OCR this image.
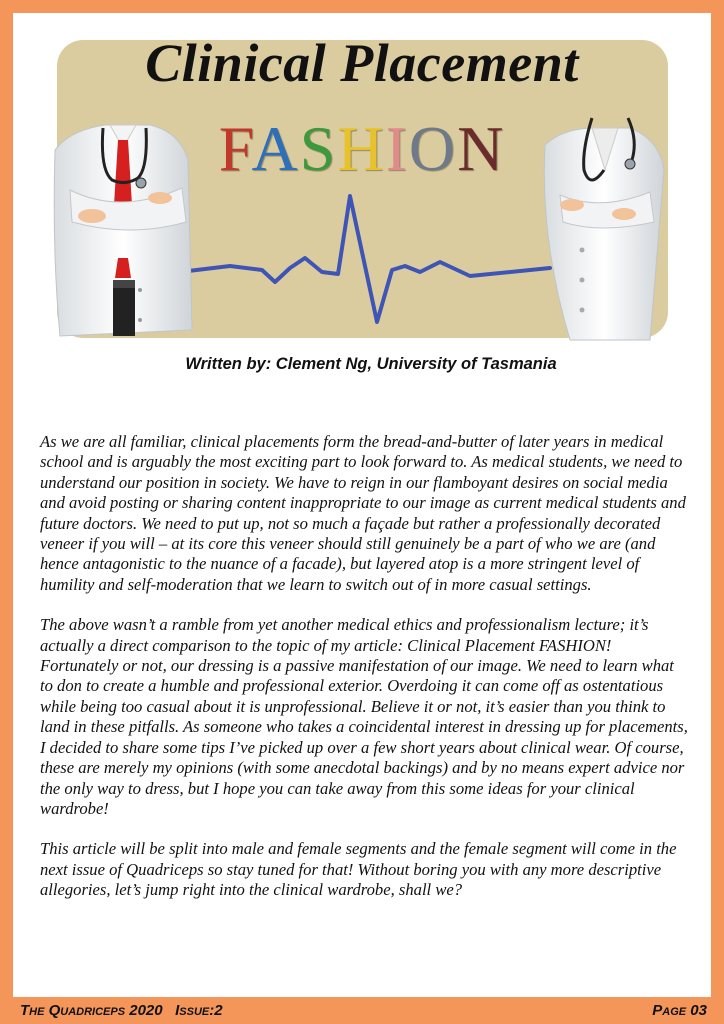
Clinical Placement
FASHION
Written by: Clement Ng, University of Tasmania

As we are all familiar, clinical placements form the bread-and-butter of later years in medical school and is arguably the most exciting part to look forward to. As medical students, we need to understand our position in society. We have to reign in our flamboyant desires on social media and avoid posting or sharing content inappropriate to our image as current medical students and future doctors. We need to put up, not so much a façade but rather a professionally decorated veneer if you will – at its core this veneer should still genuinely be a part of who we are (and hence antagonistic to the nuance of a facade), but layered atop is a more stringent level of humility and self-moderation that we learn to switch out of in more casual settings.

The above wasn’t a ramble from yet another medical ethics and professionalism lecture; it’s actually a direct comparison to the topic of my article: Clinical Placement FASHION! Fortunately or not, our dressing is a passive manifestation of our image. We need to learn what to don to create a humble and professional exterior. Overdoing it can come off as ostentatious while being too casual about it is unprofessional. Believe it or not, it’s easier than you think to land in these pitfalls. As someone who takes a coincidental interest in dressing up for placements, I decided to share some tips I’ve picked up over a few short years about clinical wear. Of course, these are merely my opinions (with some anecdotal backings) and by no means expert advice nor the only way to dress, but I hope you can take away from this some ideas for your clinical wardrobe!

This article will be split into male and female segments and the female segment will come in the next issue of Quadriceps so stay tuned for that! Without boring you with any more descriptive allegories, let’s jump right into the clinical wardrobe, shall we?

The Quadriceps 2020   Issue:2	Page 03
